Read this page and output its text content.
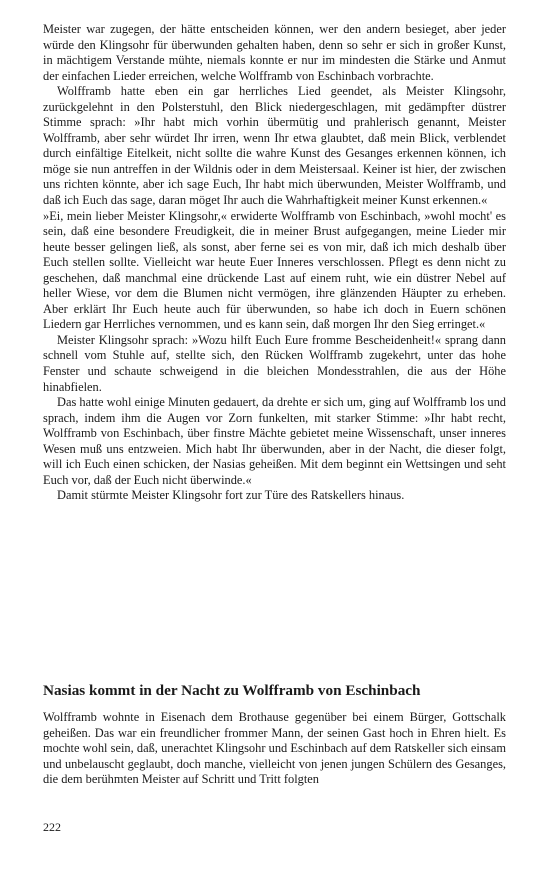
Meister war zugegen, der hätte entscheiden können, wer den andern besieget, aber jeder würde den Klingsohr für überwunden gehalten haben, denn so sehr er sich in großer Kunst, in mächtigem Verstande mühte, niemals konnte er nur im mindesten die Stärke und Anmut der einfachen Lieder erreichen, welche Wolfframb von Eschinbach vorbrachte.

Wolfframb hatte eben ein gar herrliches Lied geendet, als Meister Klingsohr, zurückgelehnt in den Polsterstuhl, den Blick niedergeschlagen, mit gedämpfter düstrer Stimme sprach: »Ihr habt mich vorhin übermütig und prahlerisch genannt, Meister Wolfframb, aber sehr würdet Ihr irren, wenn Ihr etwa glaubtet, daß mein Blick, verblendet durch einfältige Eitelkeit, nicht sollte die wahre Kunst des Gesanges erkennen können, ich möge sie nun antreffen in der Wildnis oder in dem Meistersaal. Keiner ist hier, der zwischen uns richten könnte, aber ich sage Euch, Ihr habt mich überwunden, Meister Wolfframb, und daß ich Euch das sage, daran möget Ihr auch die Wahrhaftigkeit meiner Kunst erkennen.«

»Ei, mein lieber Meister Klingsohr,« erwiderte Wolfframb von Eschinbach, »wohl mocht' es sein, daß eine besondere Freudigkeit, die in meiner Brust aufgegangen, meine Lieder mir heute besser gelingen ließ, als sonst, aber ferne sei es von mir, daß ich mich deshalb über Euch stellen sollte. Vielleicht war heute Euer Inneres verschlossen. Pflegt es denn nicht zu geschehen, daß manchmal eine drückende Last auf einem ruht, wie ein düstrer Nebel auf heller Wiese, vor dem die Blumen nicht vermögen, ihre glänzenden Häupter zu erheben. Aber erklärt Ihr Euch heute auch für überwunden, so habe ich doch in Euern schönen Liedern gar Herrliches vernommen, und es kann sein, daß morgen Ihr den Sieg erringet.«

Meister Klingsohr sprach: »Wozu hilft Euch Eure fromme Bescheidenheit!« sprang dann schnell vom Stuhle auf, stellte sich, den Rücken Wolfframb zugekehrt, unter das hohe Fenster und schaute schweigend in die bleichen Mondesstrahlen, die aus der Höhe hinabfielen.

Das hatte wohl einige Minuten gedauert, da drehte er sich um, ging auf Wolfframb los und sprach, indem ihm die Augen vor Zorn funkelten, mit starker Stimme: »Ihr habt recht, Wolfframb von Eschinbach, über finstre Mächte gebietet meine Wissenschaft, unser inneres Wesen muß uns entzweien. Mich habt Ihr überwunden, aber in der Nacht, die dieser folgt, will ich Euch einen schicken, der Nasias geheißen. Mit dem beginnt ein Wettsingen und seht Euch vor, daß der Euch nicht überwinde.«

Damit stürmte Meister Klingsohr fort zur Türe des Ratskellers hinaus.

Nasias kommt in der Nacht zu Wolfframb von Eschinbach

Wolfframb wohnte in Eisenach dem Brothause gegenüber bei einem Bürger, Gottschalk geheißen. Das war ein freundlicher frommer Mann, der seinen Gast hoch in Ehren hielt. Es mochte wohl sein, daß, unerachtet Klingsohr und Eschinbach auf dem Ratskeller sich einsam und unbelauscht geglaubt, doch manche, vielleicht von jenen jungen Schülern des Gesanges, die dem berühmten Meister auf Schritt und Tritt folgten

222
